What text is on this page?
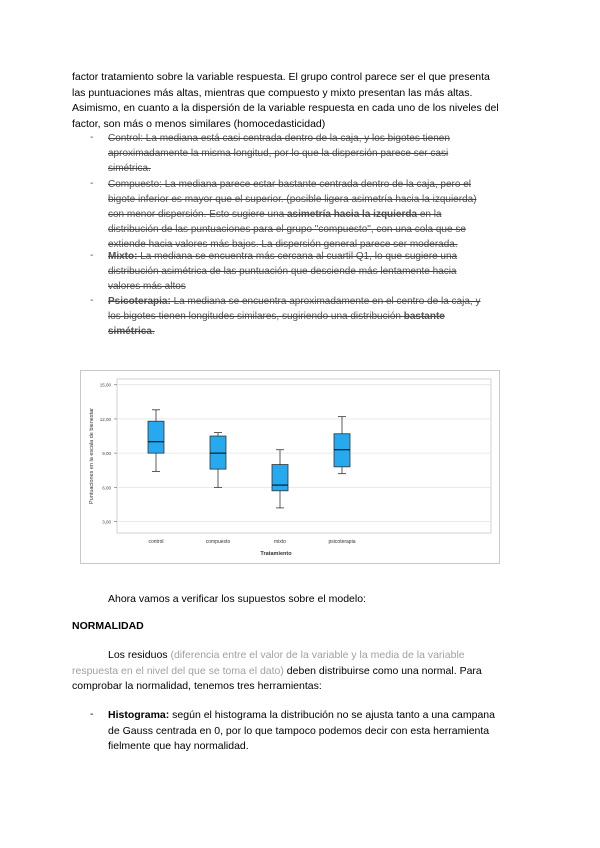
factor tratamiento sobre la variable respuesta. El grupo control parece ser el que presenta
las puntuaciones más altas, mientras que compuesto y mixto presentan las más altas.
Asimismo, en cuanto a la dispersión de la variable respuesta en cada uno de los niveles del
factor, son más o menos similares (homocedasticidad)
- Control: La mediana está casi centrada dentro de la caja, y los bigotes tienen
aproximadamente la misma longitud, por lo que la dispersión parece ser casi
simétrica.
- Compuesto: La mediana parece estar bastante centrada dentro de la caja, pero el
bigote inferior es mayor que el superior. (posible ligera asimetría hacia la izquierda)
con menor dispersión. Esto sugiere una asimetría hacia la izquierda en la
distribución de las puntuaciones para el grupo "compuesto", con una cola que se
extiende hacia valores más bajos. La dispersión general parece ser moderada.
- Mixto: La mediana se encuentra más cercana al cuartil Q1, lo que sugiere una
distribución asimétrica de las puntuación que desciende más lentamente hacia
valores más altos
- Psicoterapia: La mediana se encuentra aproximadamente en el centro de la caja, y
los bigotes tienen longitudes similares, sugiriendo una distribución bastante
simétrica.
15,00
12,00
9,00
6,00
3,00
Puntuaciones en la escala de bienestar
Tratamiento
control	compuesto	mixto	psicoterapia

Ahora vamos a verificar los supuestos sobre el modelo:

NORMALIDAD
Los residuos (diferencia entre el valor de la variable y la media de la variable
respuesta en el nivel del que se toma el dato) deben distribuirse como una normal. Para
comprobar la normalidad, tenemos tres herramientas:
- Histograma: según el histograma la distribución no se ajusta tanto a una campana
de Gauss centrada en 0, por lo que tampoco podemos decir con esta herramienta
fielmente que hay normalidad.
